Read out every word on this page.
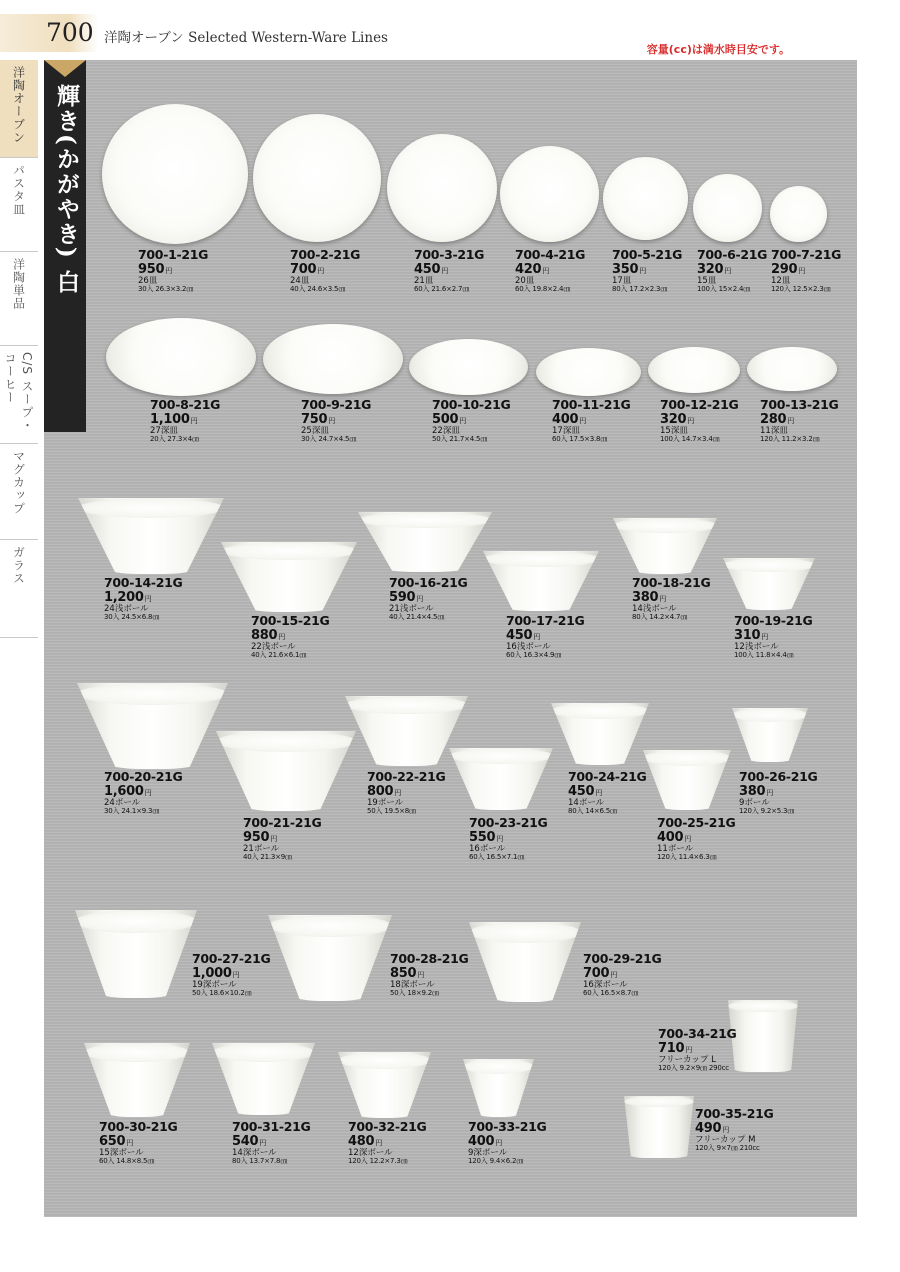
700 洋陶オーブン Selected Western-Ware Lines
容量(cc)は満水時目安です。
洋陶オーブン
パスタ皿
洋陶単品
C/S スープ・コーヒー
マグカップ
ガラス
輝き(かがやき) 白	700-1-21G
950円
26皿
30入 26.3×3.2㎝
700-2-21G
700円
24皿
40入 24.6×3.5㎝
700-3-21G
450円
21皿
60入 21.6×2.7㎝
700-4-21G
420円
20皿
60入 19.8×2.4㎝
700-5-21G
350円
17皿
80入 17.2×2.3㎝
700-6-21G
320円
15皿
100入 15×2.4㎝
700-7-21G
290円
12皿
120入 12.5×2.3㎝
700-8-21G
1,100円
27深皿
20入 27.3×4㎝
700-9-21G
750円
25深皿
30入 24.7×4.5㎝
700-10-21G
500円
22深皿
50入 21.7×4.5㎝
700-11-21G
400円
17深皿
60入 17.5×3.8㎝
700-12-21G
320円
15深皿
100入 14.7×3.4㎝
700-13-21G
280円
11深皿
120入 11.2×3.2㎝
700-14-21G
1,200円
24浅ボール
30入 24.5×6.8㎝	700-15-21G
880円
22浅ボール
40入 21.6×6.1㎝
700-16-21G
590円
21浅ボール
40入 21.4×4.5㎝	700-17-21G
450円
16浅ボール
60入 16.3×4.9㎝
700-18-21G
380円
14浅ボール
80入 14.2×4.7㎝	700-19-21G
310円
12浅ボール
100入 11.8×4.4㎝
700-20-21G
1,600円
24ボール
30入 24.1×9.3㎝
700-21-21G
950円
21ボール
40入 21.3×9㎝
700-22-21G
800円
19ボール
50入 19.5×8㎝
700-23-21G
550円
16ボール
60入 16.5×7.1㎝
700-24-21G
450円
14ボール
80入 14×6.5㎝
700-25-21G
400円
11ボール
120入 11.4×6.3㎝
700-26-21G
380円
9ボール
120入 9.2×5.3㎝
700-27-21G
1,000円
19深ボール
50入 18.6×10.2㎝
700-28-21G
850円
18深ボール
50入 18×9.2㎝
700-29-21G
700円
16深ボール
60入 16.5×8.7㎝
700-30-21G
650円
15深ボール
60入 14.8×8.5㎝
700-31-21G
540円
14深ボール
80入 13.7×7.8㎝
700-32-21G
480円
12深ボール
120入 12.2×7.3㎝
700-33-21G
400円
9深ボール
120入 9.4×6.2㎝
700-34-21G
710円
フリーカップ L
120入 9.2×9㎝ 290cc
700-35-21G
490円
フリーカップ M
120入 9×7㎝ 210cc
